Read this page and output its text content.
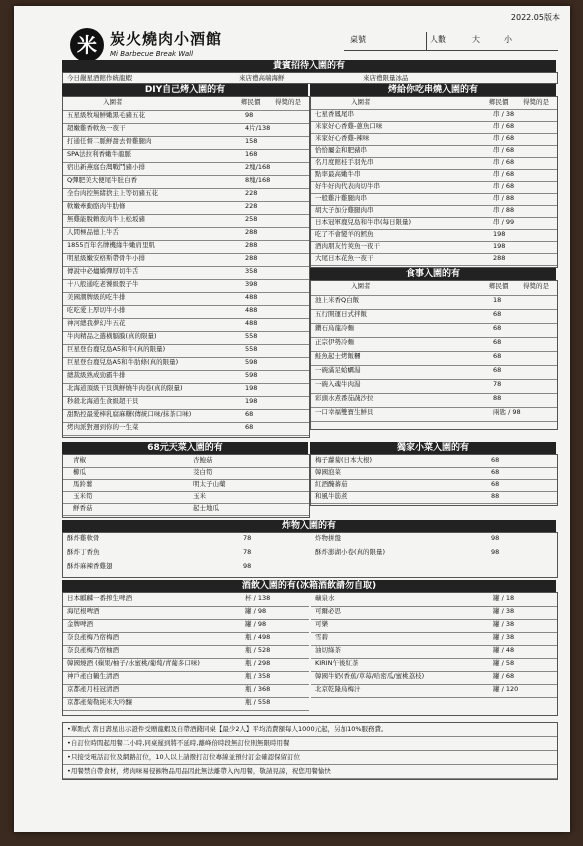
2022.05版本
米 炭火燒肉小酒館
Mi Barbecue Break Wall
桌號	人數	大	小
貴賓招待入園的有
今日嚴星酒館作統龍蝦	來店禮高端海鮮	來店禮限量冰品
DIY自己烤入園的有	烤給你吃串燒入園的有
入園者	鄉民價 得獎的是
五星級牧場鮮嫩黑毛豬五花	98
超嫩雞香軟魚一夜干	4片/138
打通任督二脈鮮甜去骨雞腿肉	158
SPA法拉利香嫩牛龍脈	168
宿出新燕窩台灣戰鬥豬小排	2塊/168
Q彈肥美大便尾牛肚白香	8塊/168
全台肉控無緒捨主上等切豬五花	228
軟嫩牽動胳肉牛肋條	228
無雞能脫賴夜肉牛上松坂豬	258
人間極品德上牛舌	288
1855百年名牌機緣牛嫩肩里肌	288
明星級嫩安格斯帶骨牛小排	288
傳說中必燼嬌彈厚切牛舌	358
十八般通吃老饕級骰子牛	398
美國潮牌級的吃牛排	488
吃吃愛上厚切牛小排	488
神河總我夢幻牛五花	488
牛肉精品之選橫膈膜(真的限量)	558
巨星登台鹿兒島A5和牛(真的限量)	558
巨星登台鹿兒島A5和牛肋條(真的限量)	598
總裁級熟成勁霸牛排	598
北海道頂級干貝與鮮燒牛肉卷(真的限量)	198
秒殺北海道生食級超干貝	198
甜點控最愛棒乳腐麻糬(傳統口味/抹茶口味)	68
烤肉派對週到你的一生菜	68
入園者	鄉民價 得獎的是
七星香鳳尾串	串 / 38
米家好心香雞-蔥魚口味	串 / 68
米家好心香雞-辣味	串 / 68
恰恰屬金和肥豬串	串 / 68
名月度館桂手羽先串	串 / 68
點率最高嫩牛串	串 / 68
好牛好肉代表肉切牛串	串 / 68
一般雞汁雞腿肉串	串 / 88
胡大子加分雞腿肉串	串 / 88
日本冠軍鹿兒島和牛串(每日限量)	串 / 99
吃了不會變羊的鱈魚	198
酒肉朋友竹莢魚一夜干	198
大尾日本花魚一夜干	288
食事入園的有
入園者	鄉民價 得獎的是
池上米香Q白飯	18
五行開運日式拌飯	68
鑽石烏龍冷麵	68
正宗伊勢冷麵	68
鮭魚起士烤飯糰	68
一碗滿足蛤蠣湯	68
一碗入魂牛肉湯	78
彩頭水煮番茄蔬沙拉	88
一口幸福雙寶生鮮貝	兩匙 / 98
68元天菜入園的有	獨家小菜入園的有
青椒	杏鮑菇
櫛瓜	茭白筍
馬鈴薯	明太子山藥
玉米筍	玉米
鮮香菇	起士地瓜
梅子蘿蔔(日本大根)	68
韓國泡菜	68
紅酒醃蕃茄	68
和風牛筋煮	88
炸物入園的有
酥炸雞軟骨	78
酥炸丁香魚	78
酥炸麻辣香雞翅	98
炸物拼盤	98
酥炸澎湖小卷(真的限量)	98
酒飲入園的有(冰箱酒飲請勿自取)
日本麒麟一番搾生啤酒	杯 / 138
海尼根啤酒	罐 / 98
金牌啤酒	罐 / 98
奈良產梅乃宿梅酒	瓶 / 498
奈良產梅乃宿柚酒	瓶 / 528
韓國燒酒 (蘋果/柚子/水蜜桃/葡萄/青葡多口味)	瓶 / 298
神戶產白鶴生清酒	瓶 / 358
京都產月桂冠清酒	瓶 / 368
京都產菊勒純米大吟釀	瓶 / 558
礦泉水	罐 / 18
可爾必思	罐 / 38
可樂	罐 / 38
雪碧	罐 / 38
油切綠茶	罐 / 48
KIRIN午後紅茶	罐 / 58
韓國牛奶(香蕉/草莓/哈密瓜/蜜桃荔枝)	罐 / 68
北京乾隆烏梅汁	罐 / 120
•單點式 當日壽星出示證件受贈龍蝦及自帶酒錢同桌【最少2人】平均消費額每人1000元起，另加10%服務費。
•自訂位時間起用餐二小時,同桌遲到將不延時,離峰倍時段無訂位則無限時用餐
•只接受電話訂位及網路訂位，10人以上請撥打訂位專線並預付訂金確認保留訂位
•用餐禁自帶食材，烤肉味易侵蝕物品用品因此無法離帶入內用餐，敬請見諒，祝您用餐愉快
